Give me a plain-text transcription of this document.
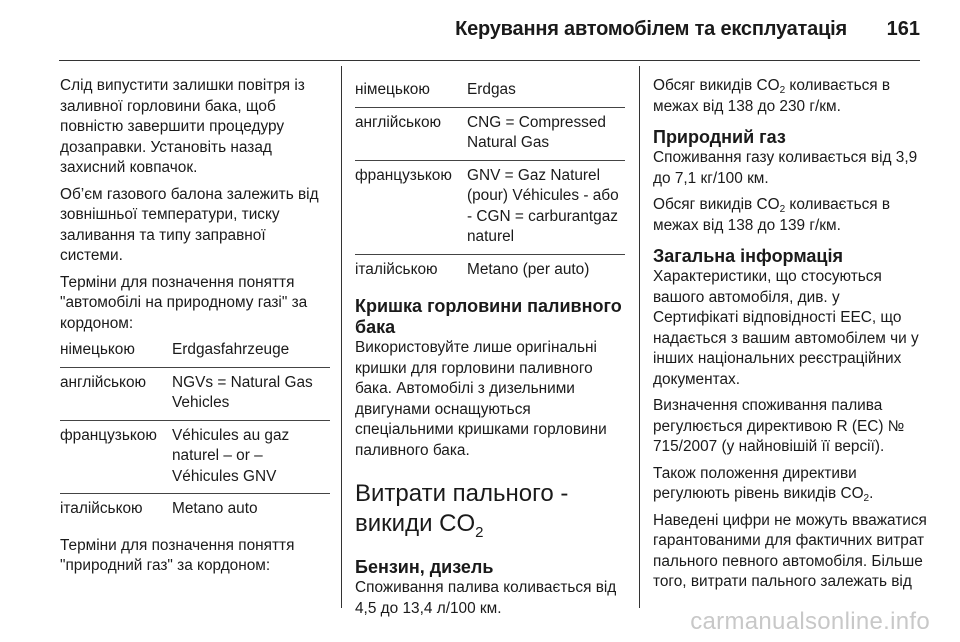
Керування автомобілем та експлуатація 161

Слід випустити залишки повітря із заливної горловини бака, щоб повністю завершити процедуру дозаправки. Установіть назад захисний ковпачок.

Об’єм газового балона залежить від зовнішньої температури, тиску заливання та типу заправної системи.

Терміни для позначення поняття "автомобілі на природному газі" за кордоном:

німецькою	Erdgasfahrzeuge
англійською	NGVs = Natural Gas Vehicles
французькою	Véhicules au gaz naturel – or – Véhicules GNV
італійською	Metano auto

Терміни для позначення поняття "природний газ" за кордоном:

німецькою	Erdgas
англійською	CNG = Compressed Natural Gas
французькою	GNV = Gaz Naturel (pour) Véhicules - або - CGN = carburantgaz naturel
італійською	Metano (per auto)
Кришка горловини паливного бака

Використовуйте лише оригінальні кришки для горловини паливного бака. Автомобілі з дизельними двигунами оснащуються спеціальними кришками горловини паливного бака.

Витрати пального -
викиди $CO_2$
Бензин, дизель

Споживання палива коливається від 4,5 до 13,4 л/100 км.

Обсяг викидів $CO_2$ коливається в межах від 138 до 230 г/км.

Природний газ

Споживання газу коливається від 3,9 до 7,1 кг/100 км.

Обсяг викидів $CO_2$ коливається в межах від 138 до 139 г/км.

Загальна інформація

Характеристики, що стосуються вашого автомобіля, див. у Сертифікаті відповідності EEC, що надається з вашим автомобілем чи у інших національних реєстраційних документах.

Визначення споживання палива регулюється директивою R (EC) № 715/2007 (у найновішій її версії).

Також положення директиви регулюють рівень викидів $CO_2$.

Наведені цифри не можуть вважатися гарантованими для фактичних витрат пального певного автомобіля. Більше того, витрати пального залежать від

carmanualsonline.info
